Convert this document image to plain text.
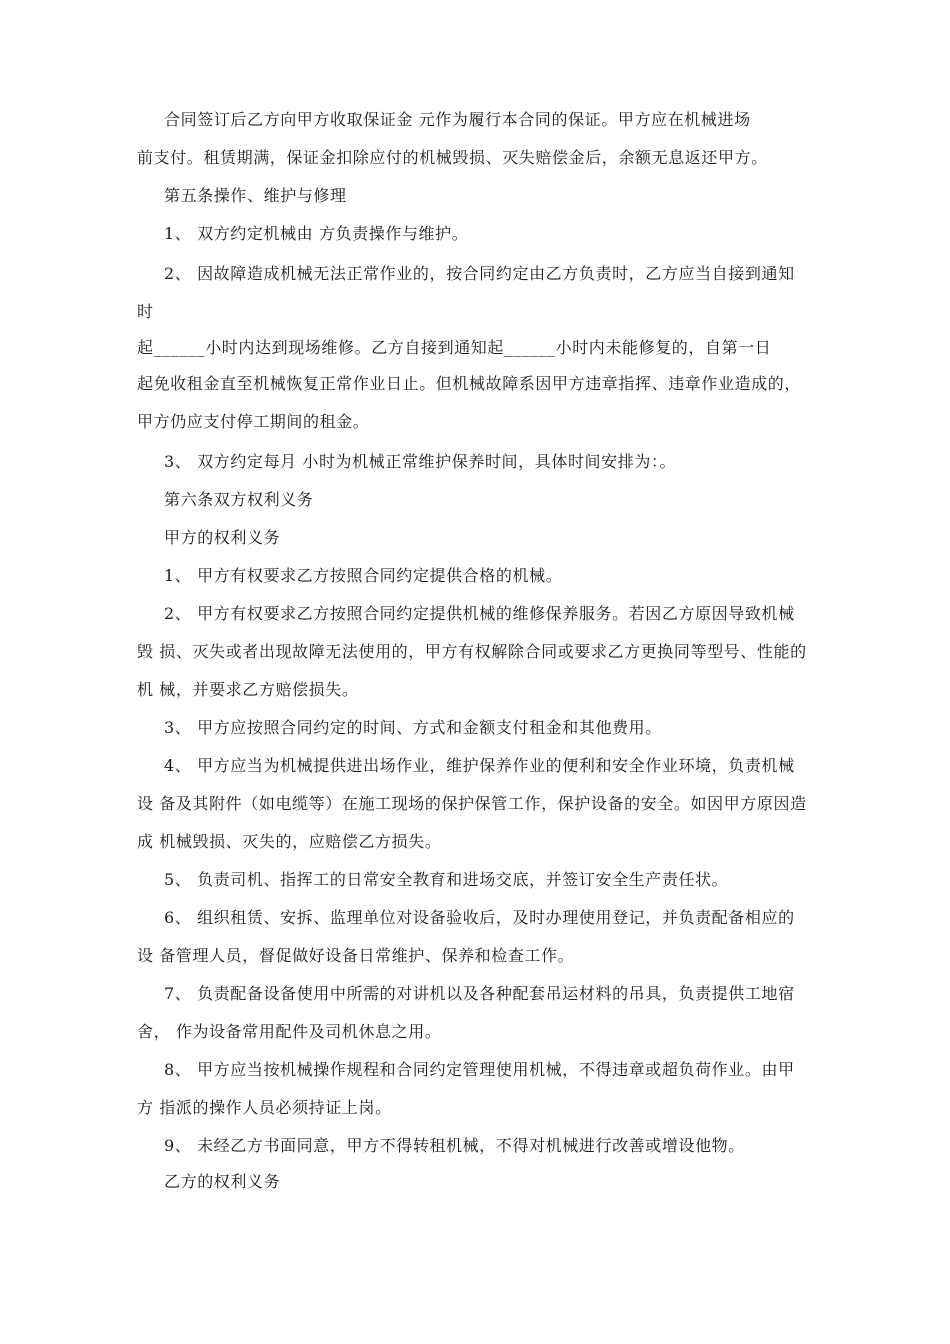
合同签订后乙方向甲方收取保证金 元作为履行本合同的保证。甲方应在机械进场
前支付。租赁期满，保证金扣除应付的机械毁损、灭失赔偿金后，余额无息返还甲方。
第五条操作、维护与修理
1、 双方约定机械由 方负责操作与维护。
2、 因故障造成机械无法正常作业的，按合同约定由乙方负责时，乙方应当自接到通知
时
起______小时内达到现场维修。乙方自接到通知起______小时内未能修复的，自第一日
起免收租金直至机械恢复正常作业日止。但机械故障系因甲方违章指挥、违章作业造成的，
甲方仍应支付停工期间的租金。
3、 双方约定每月 小时为机械正常维护保养时间，具体时间安排为：。
第六条双方权利义务
甲方的权利义务
1、 甲方有权要求乙方按照合同约定提供合格的机械。
2、 甲方有权要求乙方按照合同约定提供机械的维修保养服务。若因乙方原因导致机械
毁 损、灭失或者出现故障无法使用的，甲方有权解除合同或要求乙方更换同等型号、性能的
机 械，并要求乙方赔偿损失。
3、 甲方应按照合同约定的时间、方式和金额支付租金和其他费用。
4、 甲方应当为机械提供进出场作业，维护保养作业的便利和安全作业环境，负责机械
设 备及其附件（如电缆等）在施工现场的保护保管工作，保护设备的安全。如因甲方原因造
成 机械毁损、灭失的，应赔偿乙方损失。
5、 负责司机、指挥工的日常安全教育和进场交底，并签订安全生产责任状。
6、 组织租赁、安拆、监理单位对设备验收后，及时办理使用登记，并负责配备相应的
设 备管理人员，督促做好设备日常维护、保养和检查工作。
7、 负责配备设备使用中所需的对讲机以及各种配套吊运材料的吊具，负责提供工地宿
舍， 作为设备常用配件及司机休息之用。
8、 甲方应当按机械操作规程和合同约定管理使用机械，不得违章或超负荷作业。由甲
方 指派的操作人员必须持证上岗。
9、 未经乙方书面同意，甲方不得转租机械，不得对机械进行改善或增设他物。
乙方的权利义务
